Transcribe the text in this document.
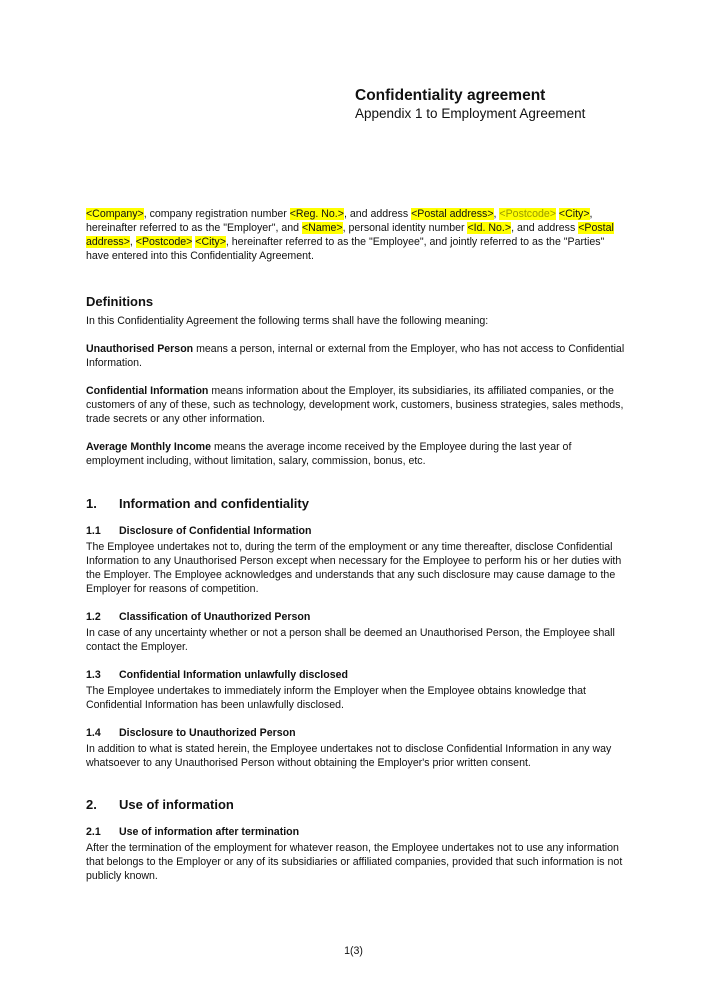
Confidentiality agreement
Appendix 1 to Employment Agreement

<Company>, company registration number <Reg. No.>, and address <Postal address>, <Postcode> <City>, hereinafter referred to as the "Employer", and <Name>, personal identity number <Id. No.>, and address <Postal address>, <Postcode> <City>, hereinafter referred to as the "Employee", and jointly referred to as the "Parties" have entered into this Confidentiality Agreement.

Definitions

In this Confidentiality Agreement the following terms shall have the following meaning:

Unauthorised Person means a person, internal or external from the Employer, who has not access to Confidential Information.

Confidential Information means information about the Employer, its subsidiaries, its affiliated companies, or the customers of any of these, such as technology, development work, customers, business strategies, sales methods, trade secrets or any other information.

Average Monthly Income means the average income received by the Employee during the last year of employment including, without limitation, salary, commission, bonus, etc.

1.	Information and confidentiality
1.1	Disclosure of Confidential Information

The Employee undertakes not to, during the term of the employment or any time thereafter, disclose Confidential Information to any Unauthorised Person except when necessary for the Employee to perform his or her duties with the Employer. The Employee acknowledges and understands that any such disclosure may cause damage to the Employer for reasons of competition.

1.2	Classification of Unauthorized Person

In case of any uncertainty whether or not a person shall be deemed an Unauthorised Person, the Employee shall contact the Employer.

1.3	Confidential Information unlawfully disclosed

The Employee undertakes to immediately inform the Employer when the Employee obtains knowledge that Confidential Information has been unlawfully disclosed.

1.4	Disclosure to Unauthorized Person

In addition to what is stated herein, the Employee undertakes not to disclose Confidential Information in any way whatsoever to any Unauthorised Person without obtaining the Employer's prior written consent.

2.	Use of information
2.1	Use of information after termination

After the termination of the employment for whatever reason, the Employee undertakes not to use any information that belongs to the Employer or any of its subsidiaries or affiliated companies, provided that such information is not publicly known.

1(3)
